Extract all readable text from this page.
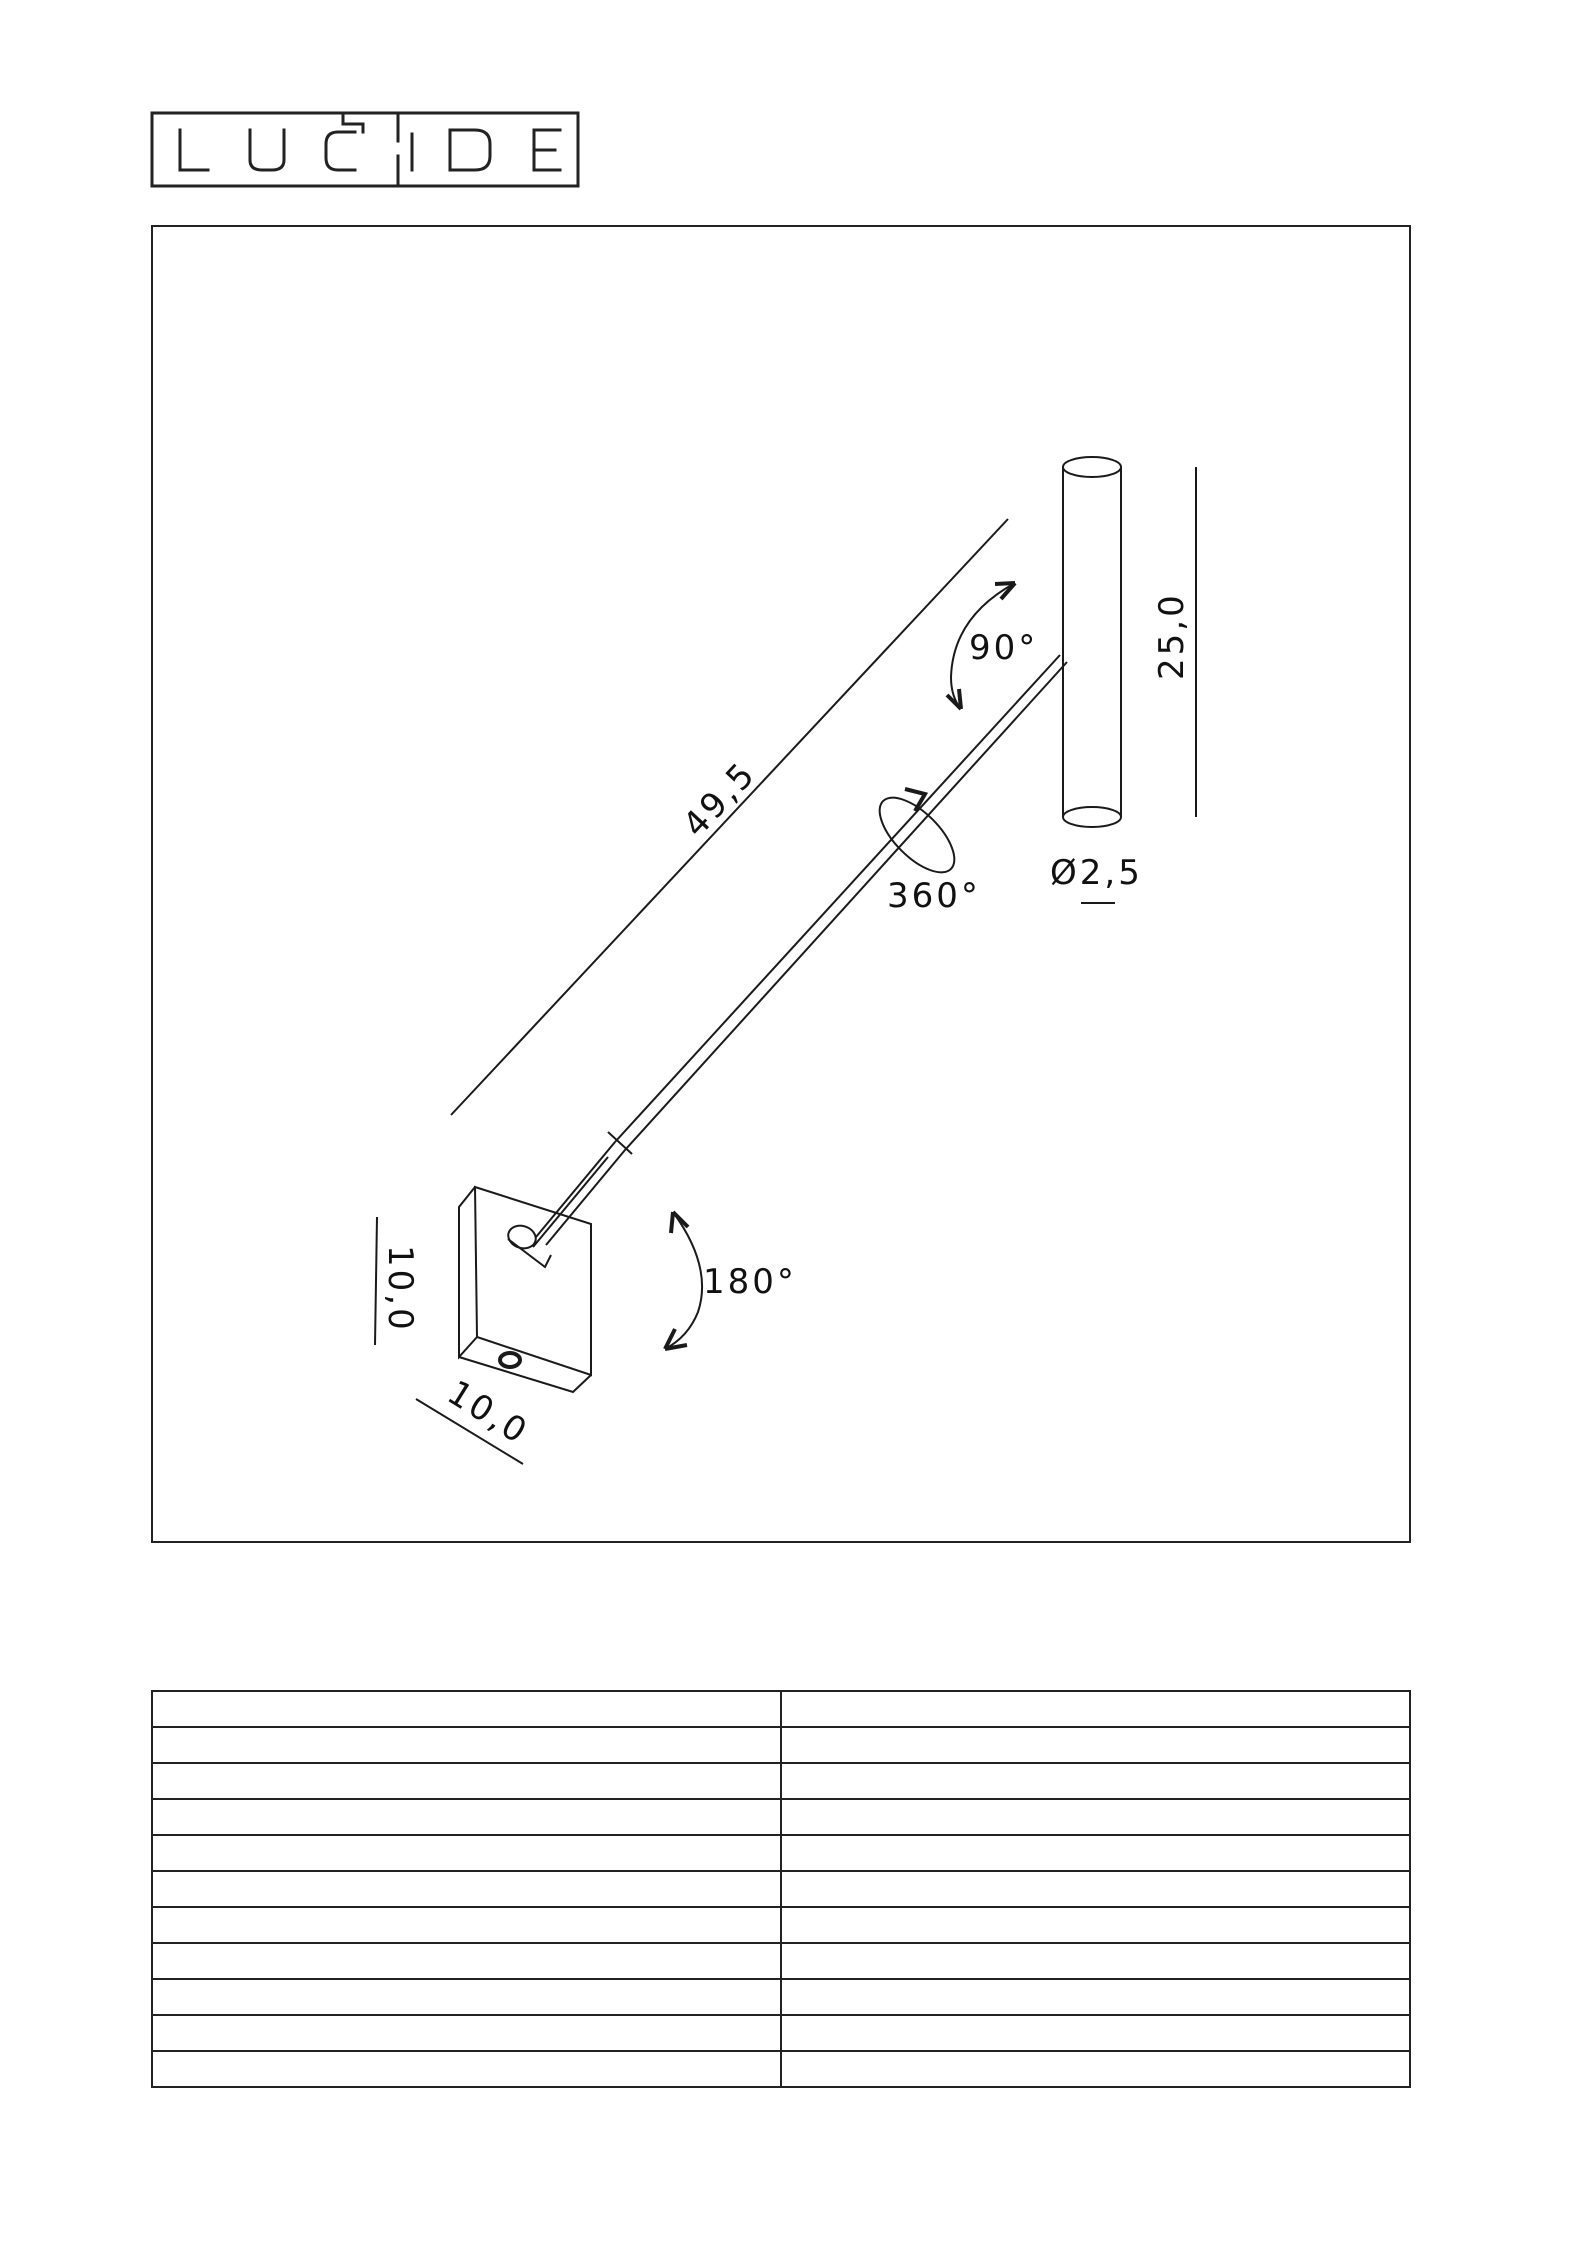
49,5
25,0
Ø2,5
10,0
10,0
90°
360°
180°
